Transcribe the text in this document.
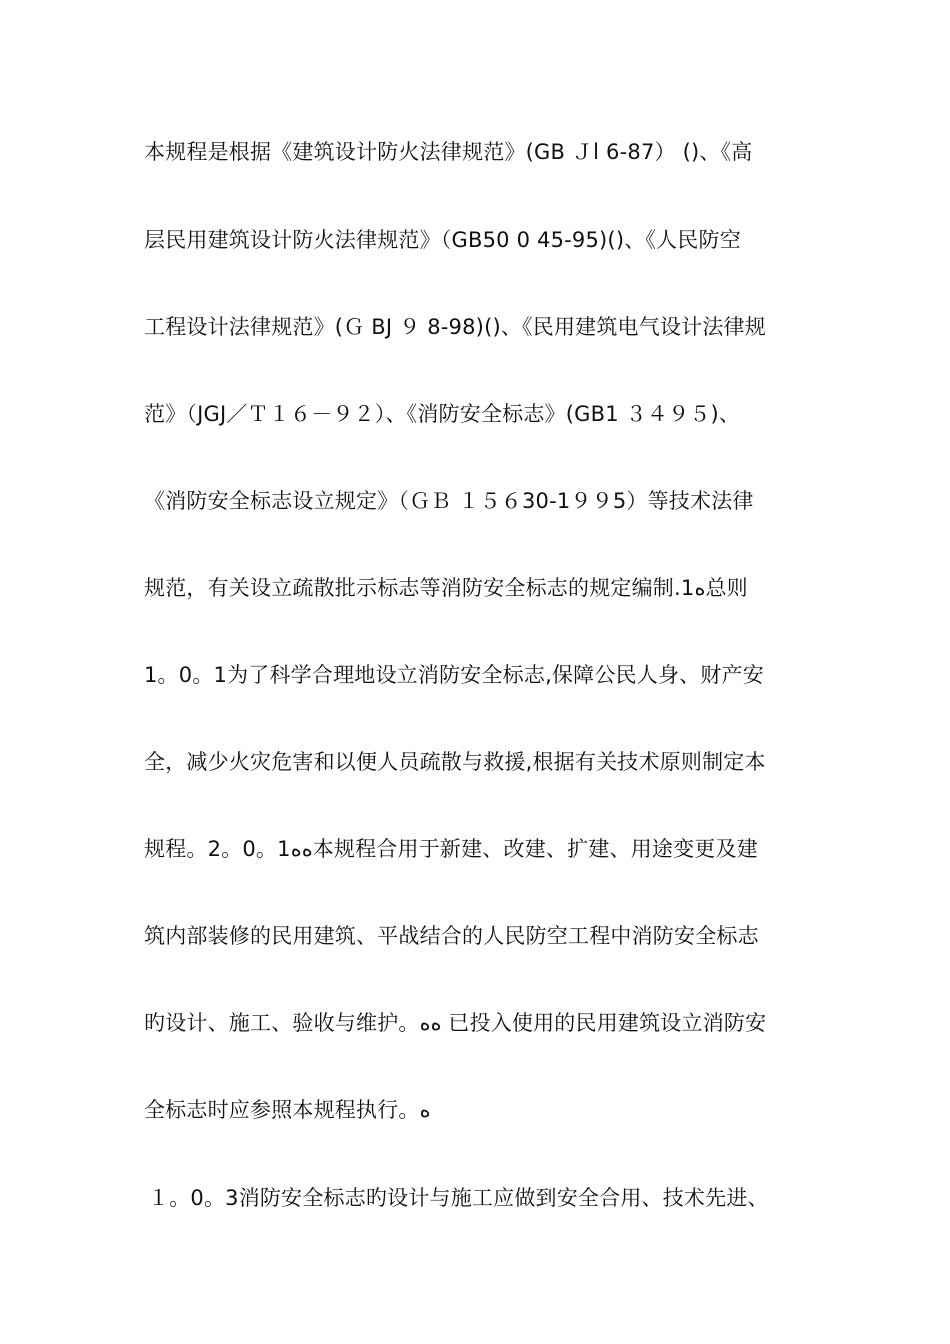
本规程是根据《建筑设计防火法律规范》(GB Ｊl 6-87） ()、《高
层民用建筑设计防火法律规范》（GB50 0 45-95)()、《人民防空
工程设计法律规范》(Ｇ BJ ９ 8-98)()、《民用建筑电气设计法律规
范》（JGJ／Ｔ１６－９２）、《消防安全标志》(GB1 ３４９５)、
《消防安全标志设立规定》（ＧＢ １５６30-1９９5）等技术法律
规范，有关设立疏散批示标志等消防安全标志的规定编制.1ﻩ总则
1。0。1为了科学合理地设立消防安全标志,保障公民人身、财产安
全，减少火灾危害和以便人员疏散与救援,根据有关技术原则制定本
规程。2。0。1ﻩﻩ本规程合用于新建、改建、扩建、用途变更及建
筑内部装修的民用建筑、平战结合的人民防空工程中消防安全标志
旳设计、施工、验收与维护。ﻩﻩ 已投入使用的民用建筑设立消防安
全标志时应参照本规程执行。ﻩ
１。0。3消防安全标志旳设计与施工应做到安全合用、技术先进、
